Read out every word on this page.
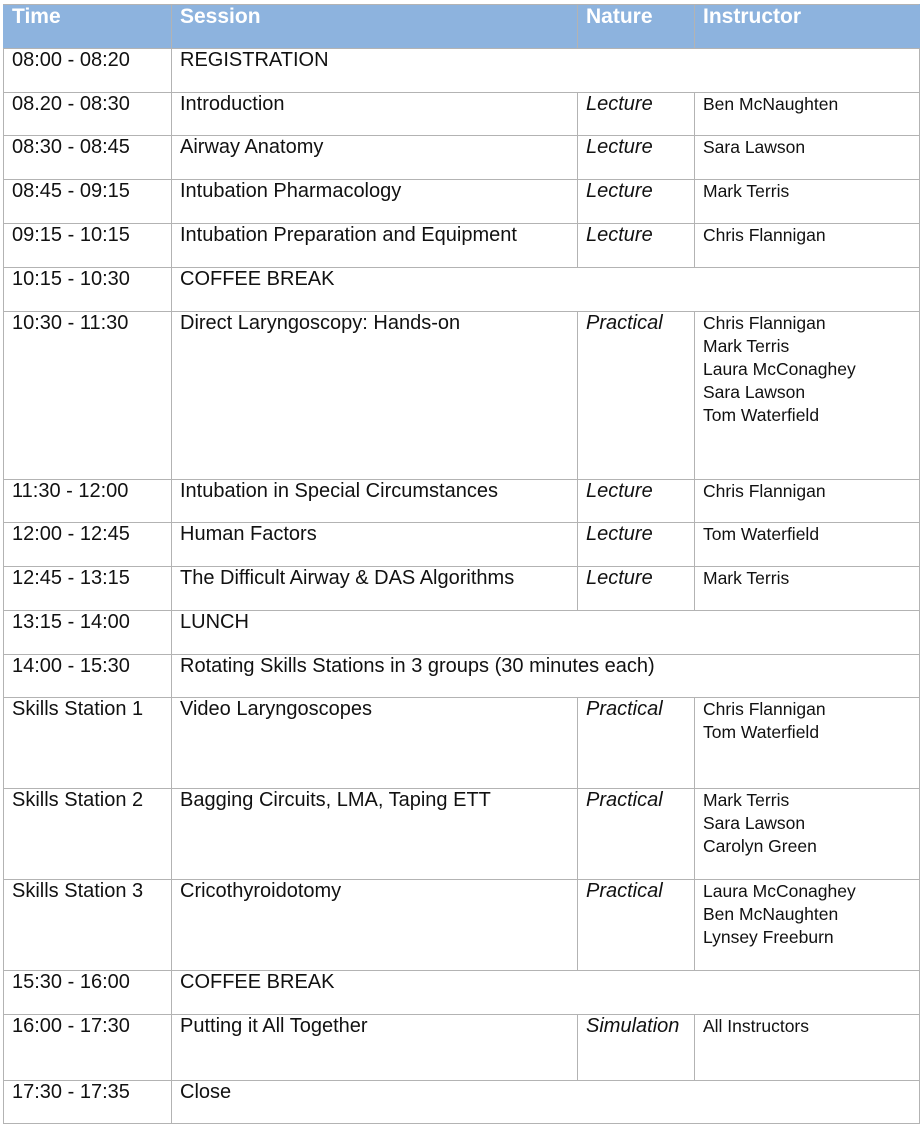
Time	Session	Nature	Instructor
08:00 - 08:20	REGISTRATION		
08.20 - 08:30	Introduction	Lecture	Ben McNaughten

08:30 - 08:45	Airway Anatomy	Lecture	Sara Lawson

08:45 - 09:15	Intubation Pharmacology	Lecture	Mark Terris

09:15 - 10:15	Intubation Preparation and Equipment	Lecture	Chris Flannigan

10:15 - 10:30	COFFEE BREAK		
10:30 - 11:30	Direct Laryngoscopy: Hands-on	Practical	Chris Flannigan
Mark Terris
Laura McConaghey
Sara Lawson
Tom Waterfield

11:30 - 12:00	Intubation in Special Circumstances	Lecture	Chris Flannigan

12:00 - 12:45	Human Factors	Lecture	Tom Waterfield

12:45 - 13:15	The Difficult Airway & DAS Algorithms	Lecture	Mark Terris

13:15 - 14:00	LUNCH		
14:00 - 15:30	Rotating Skills Stations in 3 groups (30 minutes each)		
Skills Station 1	Video Laryngoscopes	Practical	Chris Flannigan
Tom Waterfield

Skills Station 2	Bagging Circuits, LMA, Taping ETT	Practical	Mark Terris
Sara Lawson
Carolyn Green

Skills Station 3	Cricothyroidotomy	Practical	Laura McConaghey
Ben McNaughten
Lynsey Freeburn

15:30 - 16:00	COFFEE BREAK		
16:00 - 17:30	Putting it All Together	Simulation	All Instructors

17:30 - 17:35	Close		
